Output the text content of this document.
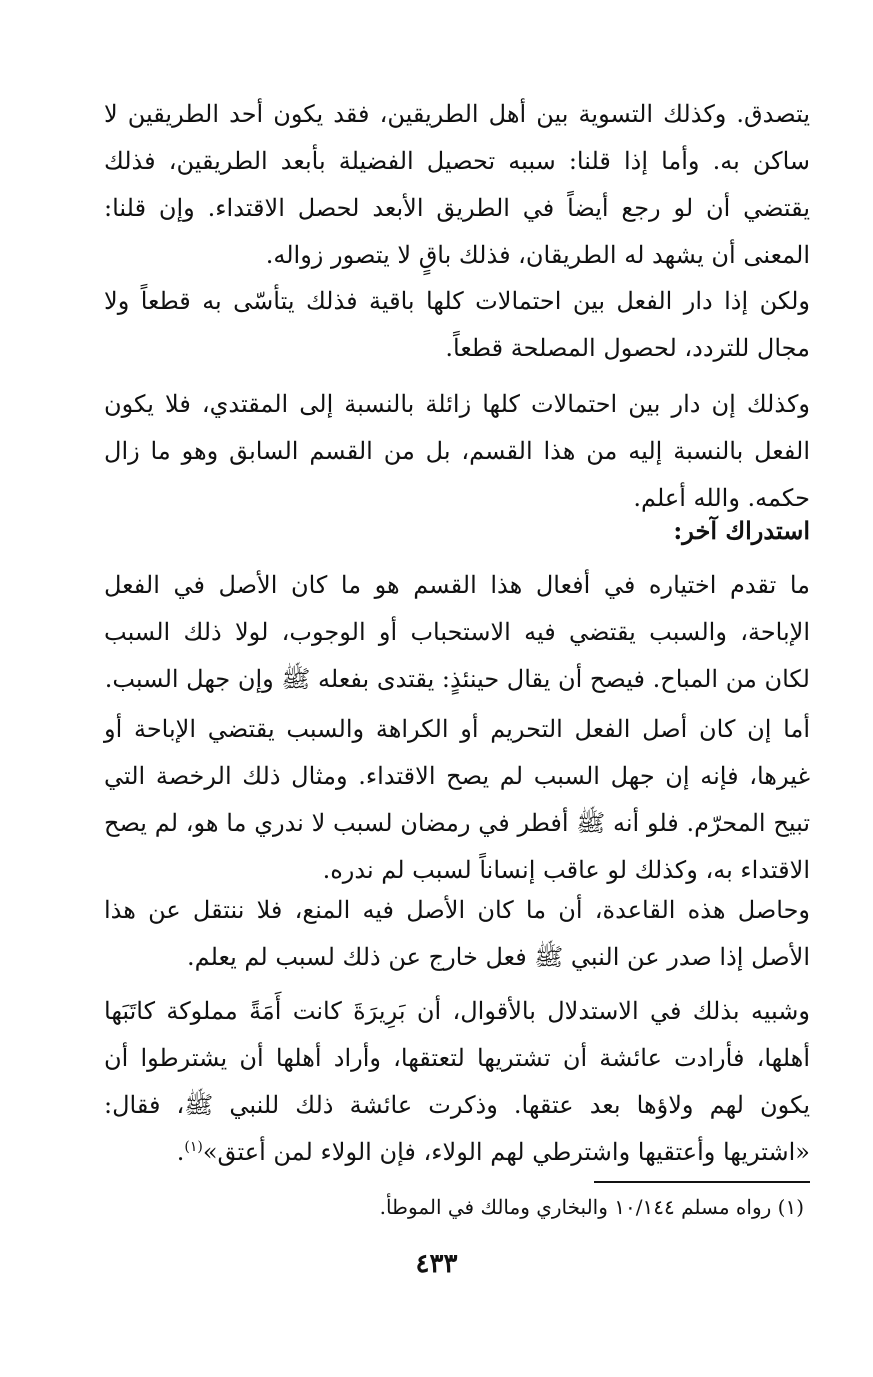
يتصدق. وكذلك التسوية بين أهل الطريقين، فقد يكون أحد الطريقين لا ساكن به. وأما إذا قلنا: سببه تحصيل الفضيلة بأبعد الطريقين، فذلك يقتضي أن لو رجع أيضاً في الطريق الأبعد لحصل الاقتداء. وإن قلنا: المعنى أن يشهد له الطريقان، فذلك باقٍ لا يتصور زواله.
ولكن إذا دار الفعل بين احتمالات كلها باقية فذلك يتأسّى به قطعاً ولا مجال للتردد، لحصول المصلحة قطعاً.
وكذلك إن دار بين احتمالات كلها زائلة بالنسبة إلى المقتدي، فلا يكون الفعل بالنسبة إليه من هذا القسم، بل من القسم السابق وهو ما زال حكمه. والله أعلم.
استدراك آخر:
ما تقدم اختياره في أفعال هذا القسم هو ما كان الأصل في الفعل الإباحة، والسبب يقتضي فيه الاستحباب أو الوجوب، لولا ذلك السبب لكان من المباح. فيصح أن يقال حينئذٍ: يقتدى بفعله ﷺ وإن جهل السبب.
أما إن كان أصل الفعل التحريم أو الكراهة والسبب يقتضي الإباحة أو غيرها، فإنه إن جهل السبب لم يصح الاقتداء. ومثال ذلك الرخصة التي تبيح المحرّم. فلو أنه ﷺ أفطر في رمضان لسبب لا ندري ما هو، لم يصح الاقتداء به، وكذلك لو عاقب إنساناً لسبب لم ندره.
وحاصل هذه القاعدة، أن ما كان الأصل فيه المنع، فلا ننتقل عن هذا الأصل إذا صدر عن النبي ﷺ فعل خارج عن ذلك لسبب لم يعلم.
وشبيه بذلك في الاستدلال بالأقوال، أن بَرِيرَةَ كانت أَمَةً مملوكة كاتَبَها أهلها، فأرادت عائشة أن تشتريها لتعتقها، وأراد أهلها أن يشترطوا أن يكون لهم ولاؤها بعد عتقها. وذكرت عائشة ذلك للنبي ﷺ، فقال: «اشتريها وأعتقيها واشترطي لهم الولاء، فإن الولاء لمن أعتق»$^{(١)}$.
(١) رواه مسلم ١٠/١٤٤ والبخاري ومالك في الموطأ.
٤٣٣
